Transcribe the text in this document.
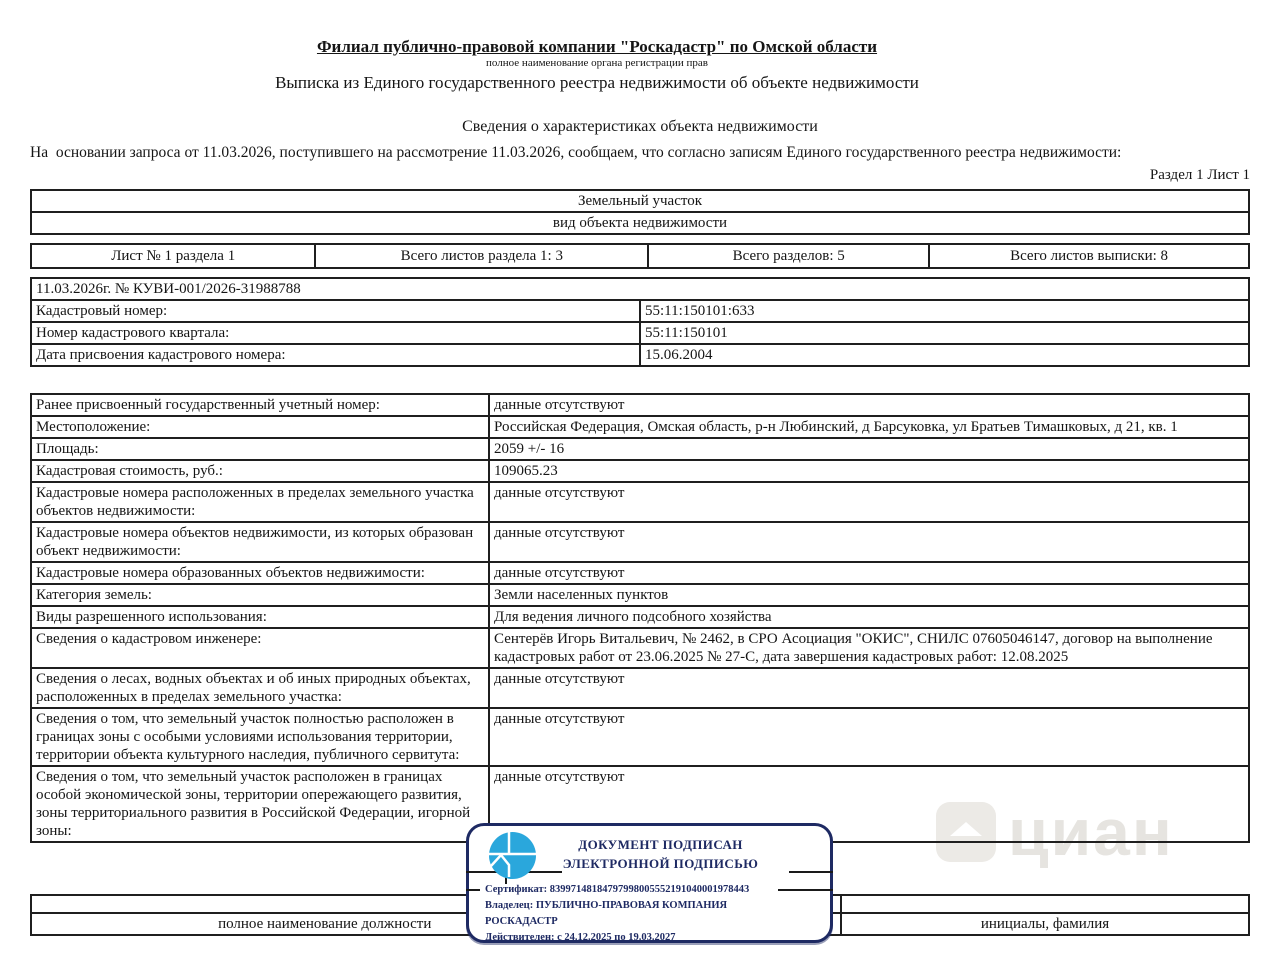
циан
Филиал публично-правовой компании "Роскадастр" по Омской области
полное наименование органа регистрации прав
Выписка из Единого государственного реестра недвижимости об объекте недвижимости
Сведения о характеристиках объекта недвижимости
На  основании запроса от 11.03.2026, поступившего на рассмотрение 11.03.2026, сообщаем, что согласно записям Единого государственного реестра недвижимости:
Раздел 1 Лист 1
Земельный участок
вид объекта недвижимости
Лист № 1 раздела 1	Всего листов раздела 1: 3	Всего разделов: 5	Всего листов выписки: 8
11.03.2026г. № КУВИ-001/2026-31988788	
Кадастровый номер:	55:11:150101:633
Номер кадастрового квартала:	55:11:150101
Дата присвоения кадастрового номера:	15.06.2004
Ранее присвоенный государственный учетный номер:	данные отсутствуют
Местоположение:	Российская Федерация, Омская область, р-н Любинский, д Барсуковка, ул Братьев Тимашковых, д 21, кв. 1
Площадь:	2059 +/- 16
Кадастровая стоимость, руб.:	109065.23
Кадастровые номера расположенных в пределах земельного участка объектов недвижимости:	данные отсутствуют
Кадастровые номера объектов недвижимости, из которых образован объект недвижимости:	данные отсутствуют
Кадастровые номера образованных объектов недвижимости:	данные отсутствуют
Категория земель:	Земли населенных пунктов
Виды разрешенного использования:	Для ведения личного подсобного хозяйства
Сведения о кадастровом инженере:	Сентерёв Игорь Витальевич, № 2462, в СРО Асоциация "ОКИС", СНИЛС 07605046147, договор на выполнение кадастровых работ от 23.06.2025 № 27-С, дата завершения кадастровых работ: 12.08.2025
Сведения о лесах, водных объектах и об иных природных объектах, расположенных в пределах земельного участка:	данные отсутствуют
Сведения о том, что земельный участок полностью расположен в границах зоны с особыми условиями использования территории, территории объекта культурного наследия, публичного сервитута:	данные отсутствуют
Сведения о том, что земельный участок расположен в границах особой экономической зоны, территории опережающего развития, зоны территориального развития в Российской Федерации, игорной зоны:	данные отсутствуют

полное наименование должности		инициалы, фамилия
ДОКУМЕНТ ПОДПИСАН
ЭЛЕКТРОННОЙ ПОДПИСЬЮ
Сертификат: 83997148184797998005552191040001978443
Владелец: ПУБЛИЧНО-ПРАВОВАЯ КОМПАНИЯ РОСКАДАСТР
Действителен: с 24.12.2025 по 19.03.2027
